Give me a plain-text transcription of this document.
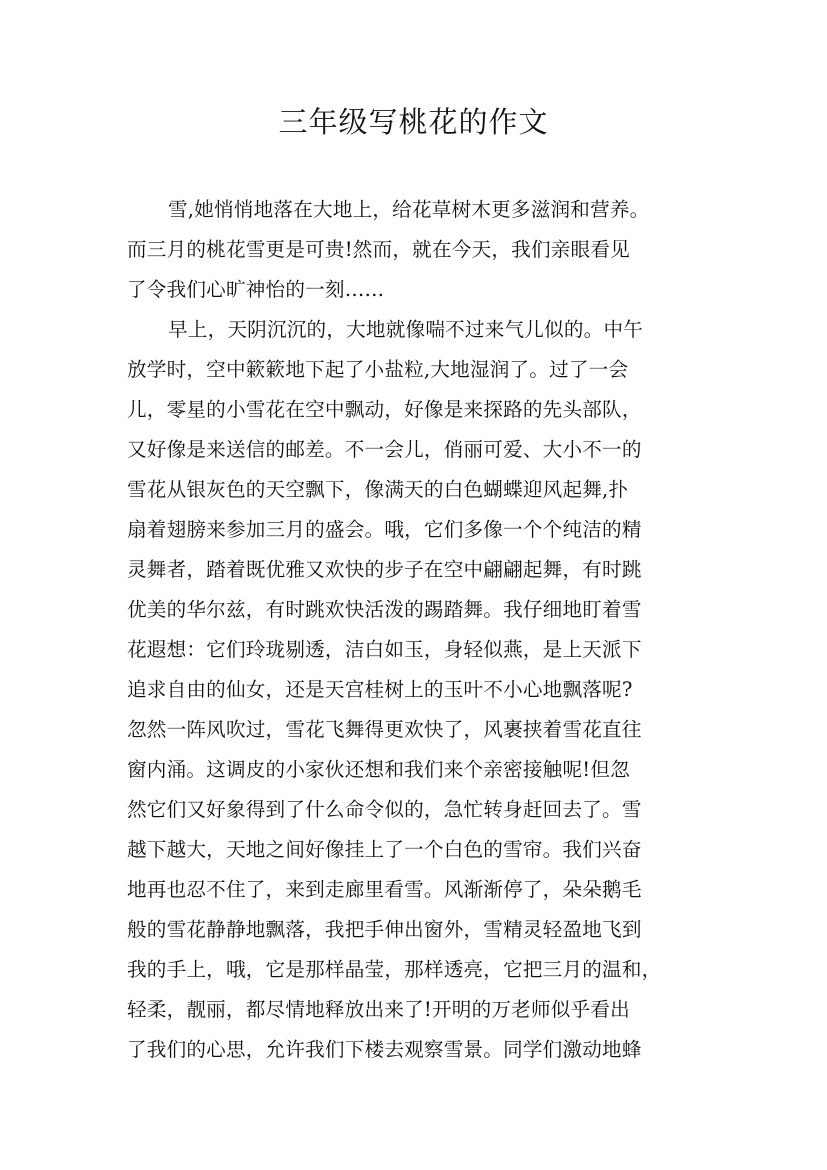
三年级写桃花的作文
雪,她悄悄地落在大地上，给花草树木更多滋润和营养。
而三月的桃花雪更是可贵!然而，就在今天，我们亲眼看见
了令我们心旷神怡的一刻……
早上，天阴沉沉的，大地就像喘不过来气儿似的。中午
放学时，空中簌簌地下起了小盐粒,大地湿润了。过了一会
儿，零星的小雪花在空中飘动，好像是来探路的先头部队，
又好像是来送信的邮差。不一会儿，俏丽可爱、大小不一的
雪花从银灰色的天空飘下，像满天的白色蝴蝶迎风起舞,扑
扇着翅膀来参加三月的盛会。哦，它们多像一个个纯洁的精
灵舞者，踏着既优雅又欢快的步子在空中翩翩起舞，有时跳
优美的华尔兹，有时跳欢快活泼的踢踏舞。我仔细地盯着雪
花遐想：它们玲珑剔透，洁白如玉，身轻似燕，是上天派下
追求自由的仙女，还是天宫桂树上的玉叶不小心地飘落呢?
忽然一阵风吹过，雪花飞舞得更欢快了，风裹挟着雪花直往
窗内涌。这调皮的小家伙还想和我们来个亲密接触呢!但忽
然它们又好象得到了什么命令似的，急忙转身赶回去了。雪
越下越大，天地之间好像挂上了一个白色的雪帘。我们兴奋
地再也忍不住了，来到走廊里看雪。风渐渐停了，朵朵鹅毛
般的雪花静静地飘落，我把手伸出窗外，雪精灵轻盈地飞到
我的手上，哦，它是那样晶莹，那样透亮，它把三月的温和，
轻柔，靓丽，都尽情地释放出来了!开明的万老师似乎看出
了我们的心思，允许我们下楼去观察雪景。同学们激动地蜂
